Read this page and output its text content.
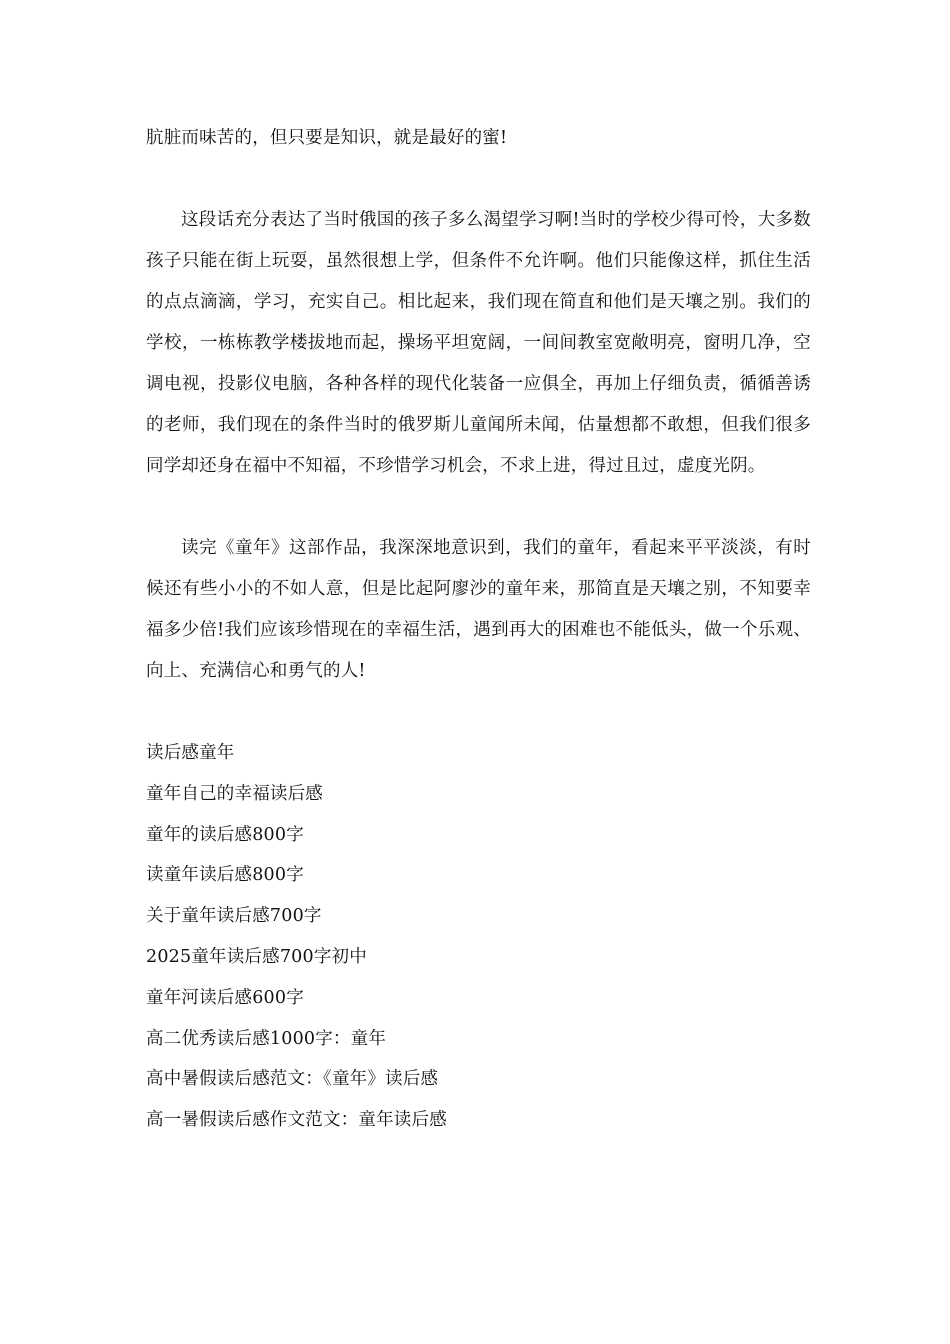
肮脏而味苦的，但只要是知识，就是最好的蜜!

这段话充分表达了当时俄国的孩子多么渴望学习啊!当时的学校少得可怜，大多数孩子只能在街上玩耍，虽然很想上学，但条件不允许啊。他们只能像这样，抓住生活的点点滴滴，学习，充实自己。相比起来，我们现在简直和他们是天壤之别。我们的学校，一栋栋教学楼拔地而起，操场平坦宽阔，一间间教室宽敞明亮，窗明几净，空调电视，投影仪电脑，各种各样的现代化装备一应俱全，再加上仔细负责，循循善诱的老师，我们现在的条件当时的俄罗斯儿童闻所未闻，估量想都不敢想，但我们很多同学却还身在福中不知福，不珍惜学习机会，不求上进，得过且过，虚度光阴。

读完《童年》这部作品，我深深地意识到，我们的童年，看起来平平淡淡，有时候还有些小小的不如人意，但是比起阿廖沙的童年来，那简直是天壤之别，不知要幸福多少倍!我们应该珍惜现在的幸福生活，遇到再大的困难也不能低头，做一个乐观、向上、充满信心和勇气的人!

读后感童年
童年自己的幸福读后感
童年的读后感800字
读童年读后感800字
关于童年读后感700字
2025童年读后感700字初中
童年河读后感600字
高二优秀读后感1000字：童年
高中暑假读后感范文：《童年》读后感
高一暑假读后感作文范文：童年读后感
